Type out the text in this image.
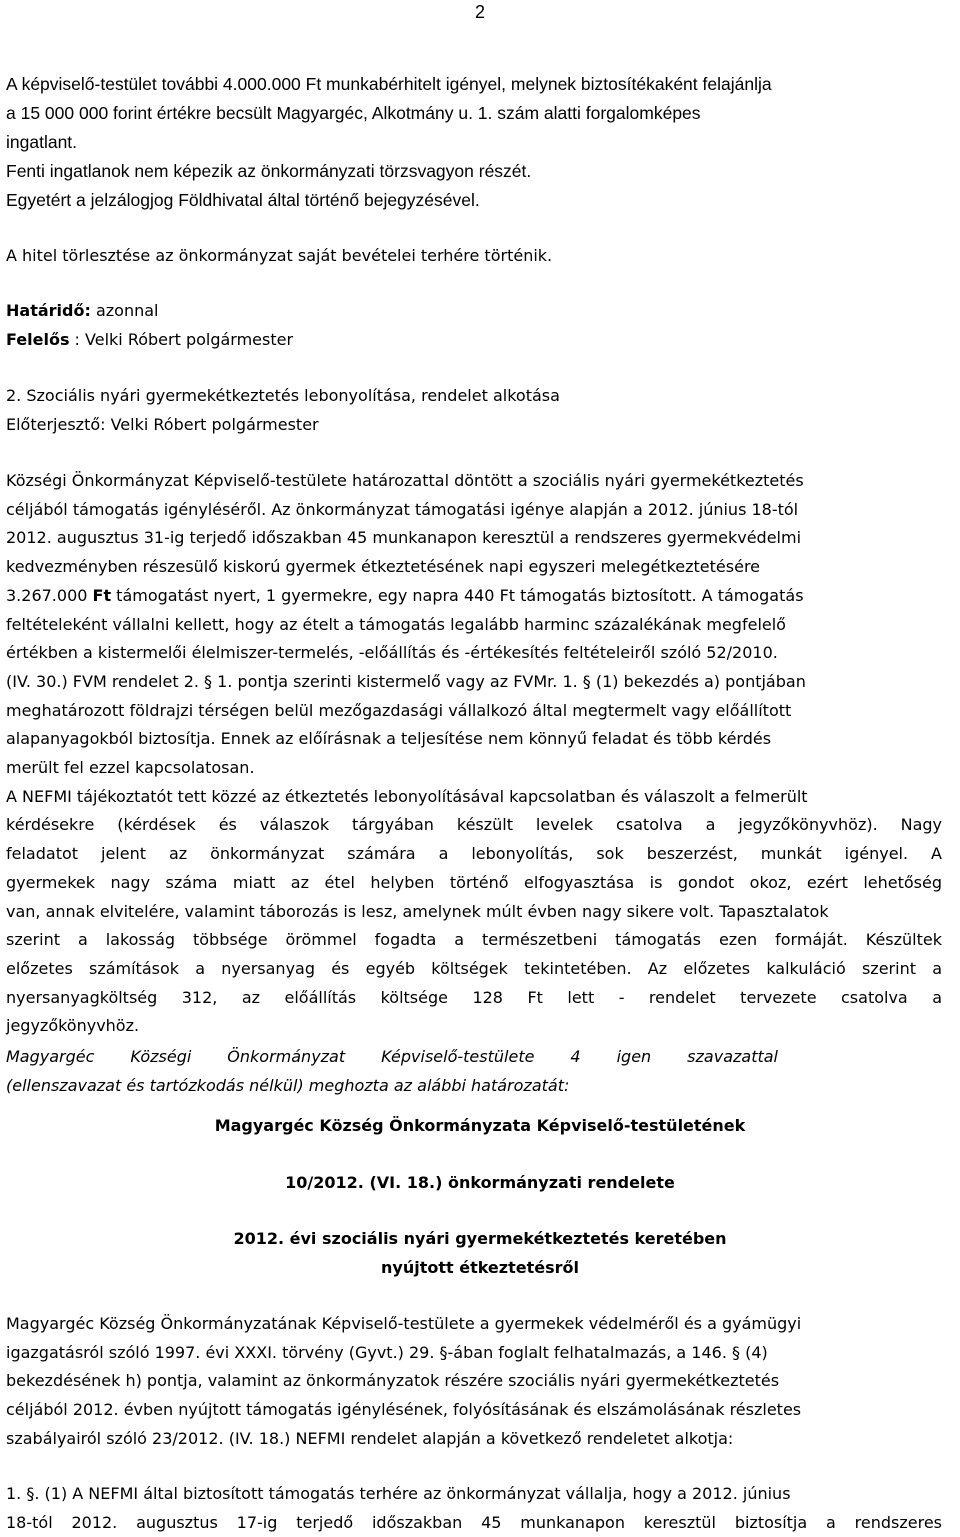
2
A képviselő-testület további 4.000.000 Ft munkabérhitelt igényel, melynek biztosítékaként felajánlja
a 15 000 000 forint értékre becsült Magyargéc, Alkotmány u. 1. szám alatti forgalomképes
ingatlant.
Fenti ingatlanok nem képezik az önkormányzati törzsvagyon részét.
Egyetért a jelzálogjog Földhivatal által történő bejegyzésével.
A hitel törlesztése az önkormányzat saját bevételei terhére történik.
Határidő: azonnal
Felelős : Velki Róbert polgármester
2. Szociális nyári gyermekétkeztetés lebonyolítása, rendelet alkotása
Előterjesztő: Velki Róbert polgármester
Községi Önkormányzat Képviselő-testülete határozattal döntött a szociális nyári gyermekétkeztetés
céljából támogatás igényléséről. Az önkormányzat támogatási igénye alapján a 2012. június 18-tól
2012. augusztus 31-ig terjedő időszakban 45 munkanapon keresztül a rendszeres gyermekvédelmi
kedvezményben részesülő kiskorú gyermek étkeztetésének napi egyszeri melegétkeztetésére
3.267.000 Ft támogatást nyert, 1 gyermekre, egy napra 440 Ft támogatás biztosított. A támogatás
feltételeként vállalni kellett, hogy az ételt a támogatás legalább harminc százalékának megfelelő
értékben a kistermelői élelmiszer-termelés, -előállítás és -értékesítés feltételeiről szóló 52/2010.
(IV. 30.) FVM rendelet 2. § 1. pontja szerinti kistermelő vagy az FVMr. 1. § (1) bekezdés a) pontjában
meghatározott földrajzi térségen belül mezőgazdasági vállalkozó által megtermelt vagy előállított
alapanyagokból biztosítja. Ennek az előírásnak a teljesítése nem könnyű feladat és több kérdés
merült fel ezzel kapcsolatosan.
A NEFMI tájékoztatót tett közzé az étkeztetés lebonyolításával kapcsolatban és válaszolt a felmerült
kérdésekre (kérdések és válaszok tárgyában készült levelek csatolva a jegyzőkönyvhöz). Nagy
feladatot jelent az önkormányzat számára a lebonyolítás, sok beszerzést, munkát igényel. A
gyermekek nagy száma miatt az étel helyben történő elfogyasztása is gondot okoz, ezért lehetőség
van, annak elvitelére, valamint táborozás is lesz, amelynek múlt évben nagy sikere volt. Tapasztalatok
szerint a lakosság többsége örömmel fogadta a természetbeni támogatás ezen formáját. Készültek
előzetes számítások a nyersanyag és egyéb költségek tekintetében. Az előzetes kalkuláció szerint a
nyersanyagköltség 312, az előállítás költsége 128 Ft lett - rendelet tervezete csatolva a
jegyzőkönyvhöz.
Magyargéc Községi Önkormányzat Képviselő-testülete 4 igen szavazattal
(ellenszavazat és tartózkodás nélkül) meghozta az alábbi határozatát:
Magyargéc Község Önkormányzata Képviselő-testületének
10/2012. (VI. 18.) önkormányzati rendelete
2012. évi szociális nyári gyermekétkeztetés keretében
nyújtott étkeztetésről
Magyargéc Község Önkormányzatának Képviselő-testülete a gyermekek védelméről és a gyámügyi
igazgatásról szóló 1997. évi XXXI. törvény (Gyvt.) 29. §-ában foglalt felhatalmazás, a 146. § (4)
bekezdésének h) pontja, valamint az önkormányzatok részére szociális nyári gyermekétkeztetés
céljából 2012. évben nyújtott támogatás igénylésének, folyósításának és elszámolásának részletes
szabályairól szóló 23/2012. (IV. 18.) NEFMI rendelet alapján a következő rendeletet alkotja:
1. §. (1) A NEFMI által biztosított támogatás terhére az önkormányzat vállalja, hogy a 2012. június
18-tól 2012. augusztus 17-ig terjedő időszakban 45 munkanapon keresztül biztosítja a rendszeres
